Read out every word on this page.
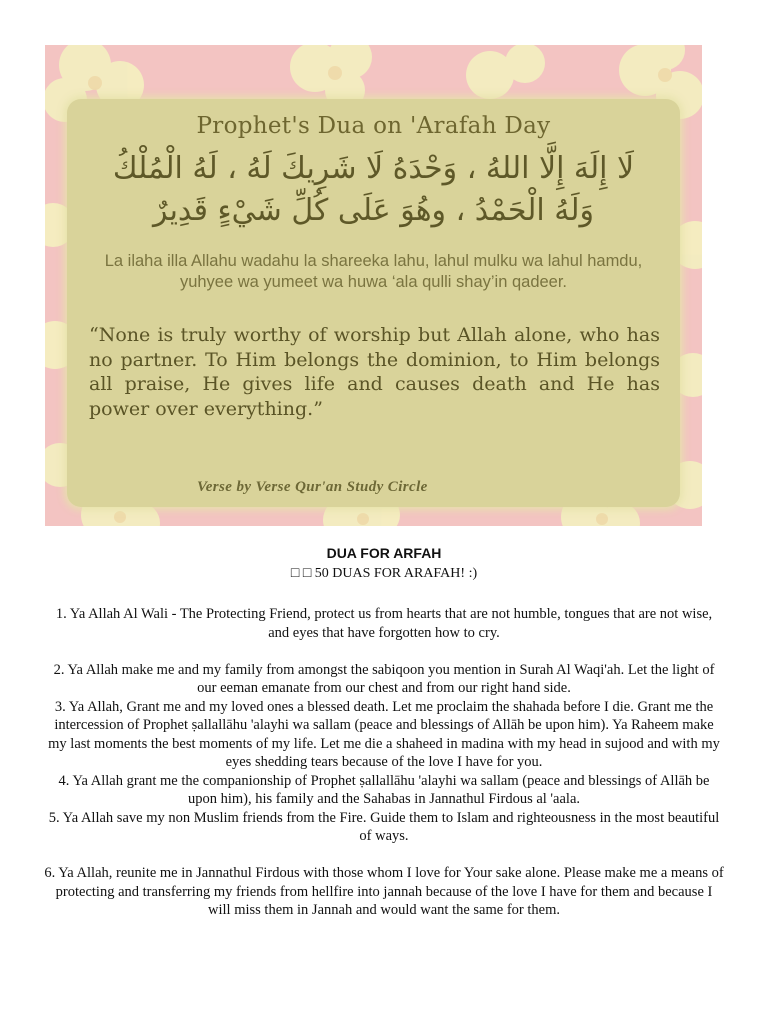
Prophet's Dua on 'Arafah Day
لَا إِلَهَ إِلَّا اللهُ ، وَحْدَهُ لَا شَرِيكَ لَهُ ، لَهُ الْمُلْكُ
وَلَهُ الْحَمْدُ ، وهُوَ عَلَى كُلِّ شَيْءٍ قَدِيرٌ
La ilaha illa Allahu wadahu la shareeka lahu, lahul mulku wa lahul hamdu, yuhyee wa yumeet wa huwa ‘ala qulli shay’in qadeer.
“None is truly worthy of worship but Allah alone, who has no partner. To Him belongs the dominion, to Him belongs all praise, He gives life and causes death and He has power over everything.”
Verse by Verse Qur'an Study Circle
DUA FOR ARFAH
□ □ 50 DUAS FOR ARAFAH! :)

1. Ya Allah Al Wali - The Protecting Friend, protect us from hearts that are not humble, tongues that are not wise, and eyes that have forgotten how to cry.

2. Ya Allah make me and my family from amongst the sabiqoon you mention in Surah Al Waqi'ah. Let the light of our eeman emanate from our chest and from our right hand side.

3. Ya Allah, Grant me and my loved ones a blessed death. Let me proclaim the shahada before I die. Grant me the intercession of Prophet ṣallallāhu 'alayhi wa sallam (peace and blessings of Allāh be upon him). Ya Raheem make my last moments the best moments of my life. Let me die a shaheed in madina with my head in sujood and with my eyes shedding tears because of the love I have for you.

4. Ya Allah grant me the companionship of Prophet ṣallallāhu 'alayhi wa sallam (peace and blessings of Allāh be upon him), his family and the Sahabas in Jannathul Firdous al 'aala.

5. Ya Allah save my non Muslim friends from the Fire. Guide them to Islam and righteousness in the most beautiful of ways.

6. Ya Allah, reunite me in Jannathul Firdous with those whom I love for Your sake alone. Please make me a means of protecting and transferring my friends from hellfire into jannah because of the love I have for them and because I will miss them in Jannah and would want the same for them.
